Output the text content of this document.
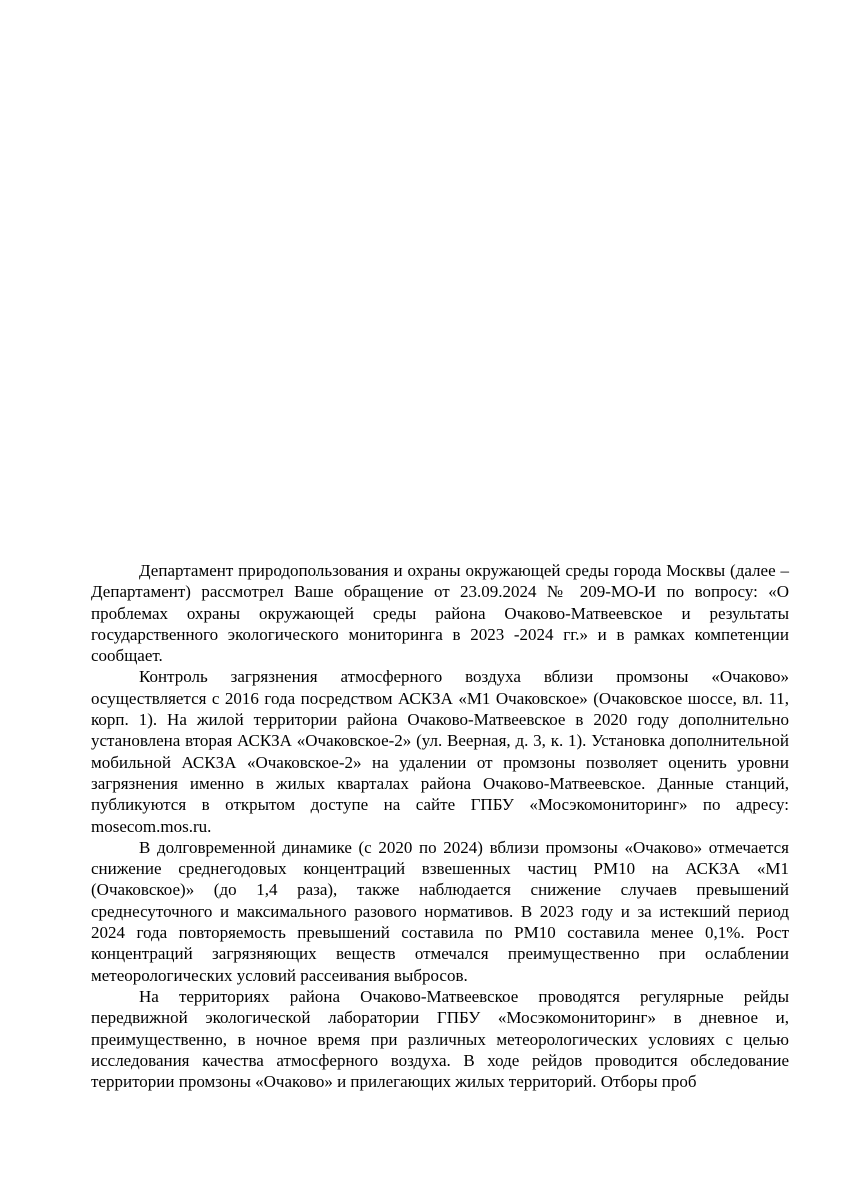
Департамент природопользования и охраны окружающей среды города Москвы (далее – Департамент) рассмотрел Ваше обращение от 23.09.2024 № 209-МО-И по вопросу: «О проблемах охраны окружающей среды района Очаково-Матвеевское и результаты государственного экологического мониторинга в 2023 -2024 гг.» и в рамках компетенции сообщает.

Контроль загрязнения атмосферного воздуха вблизи промзоны «Очаково» осуществляется с 2016 года посредством АСКЗА «М1 Очаковское» (Очаковское шоссе, вл. 11, корп. 1). На жилой территории района Очаково-Матвеевское в 2020 году дополнительно установлена вторая АСКЗА «Очаковское-2» (ул. Веерная, д. 3, к. 1). Установка дополнительной мобильной АСКЗА «Очаковское-2» на удалении от промзоны позволяет оценить уровни загрязнения именно в жилых кварталах района Очаково-Матвеевское. Данные станций, публикуются в открытом доступе на сайте ГПБУ «Мосэкомониторинг» по адресу: mosecom.mos.ru.

В долговременной динамике (с 2020 по 2024) вблизи промзоны «Очаково» отмечается снижение среднегодовых концентраций взвешенных частиц РМ10 на АСКЗА «М1 (Очаковское)» (до 1,4 раза), также наблюдается снижение случаев превышений среднесуточного и максимального разового нормативов. В 2023 году и за истекший период 2024 года повторяемость превышений составила по РМ10 составила менее 0,1%. Рост концентраций загрязняющих веществ отмечался преимущественно при ослаблении метеорологических условий рассеивания выбросов.

На территориях района Очаково-Матвеевское проводятся регулярные рейды передвижной экологической лаборатории ГПБУ «Мосэкомониторинг» в дневное и, преимущественно, в ночное время при различных метеорологических условиях с целью исследования качества атмосферного воздуха. В ходе рейдов проводится обследование территории промзоны «Очаково» и прилегающих жилых территорий. Отборы проб
